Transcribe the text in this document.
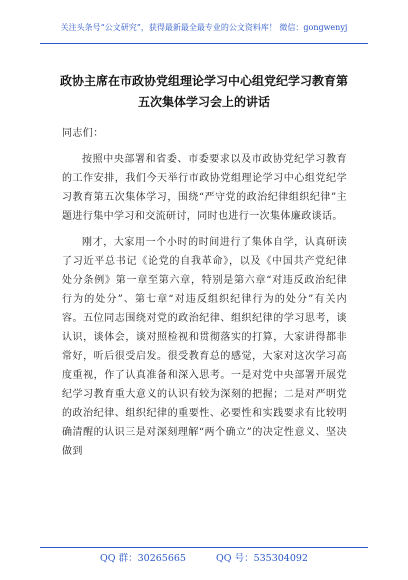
关注头条号“公文研究”，获得最新最全最专业的公文资料库！ 微信：gongwenyj
政协主席在市政协党组理论学习中心组党纪学习教育第五次集体学习会上的讲话

同志们：

按照中央部署和省委、市委要求以及市政协党纪学习教育的工作安排，我们今天举行市政协党组理论学习中心组党纪学习教育第五次集体学习，围绕“严守党的政治纪律组织纪律”主题进行集中学习和交流研讨，同时也进行一次集体廉政谈话。

刚才，大家用一个小时的时间进行了集体自学，认真研读了习近平总书记《论党的自我革命》，以及《中国共产党纪律处分条例》第一章至第六章，特别是第六章“对违反政治纪律行为的处分”、第七章“对违反组织纪律行为的处分”有关内容。五位同志围绕对党的政治纪律、组织纪律的学习思考，谈认识，谈体会，谈对照检视和贯彻落实的打算，大家讲得都非常好，听后很受启发。很受教育总的感觉，大家对这次学习高度重视，作了认真准备和深入思考。一是对党中央部署开展党纪学习教育重大意义的认识有较为深刻的把握；二是对严明党的政治纪律、组织纪律的重要性、必要性和实践要求有比较明确清醒的认识三是对深刻理解“两个确立”的决定性意义、坚决做到

QQ 群：30265665	QQ 号：535304092
